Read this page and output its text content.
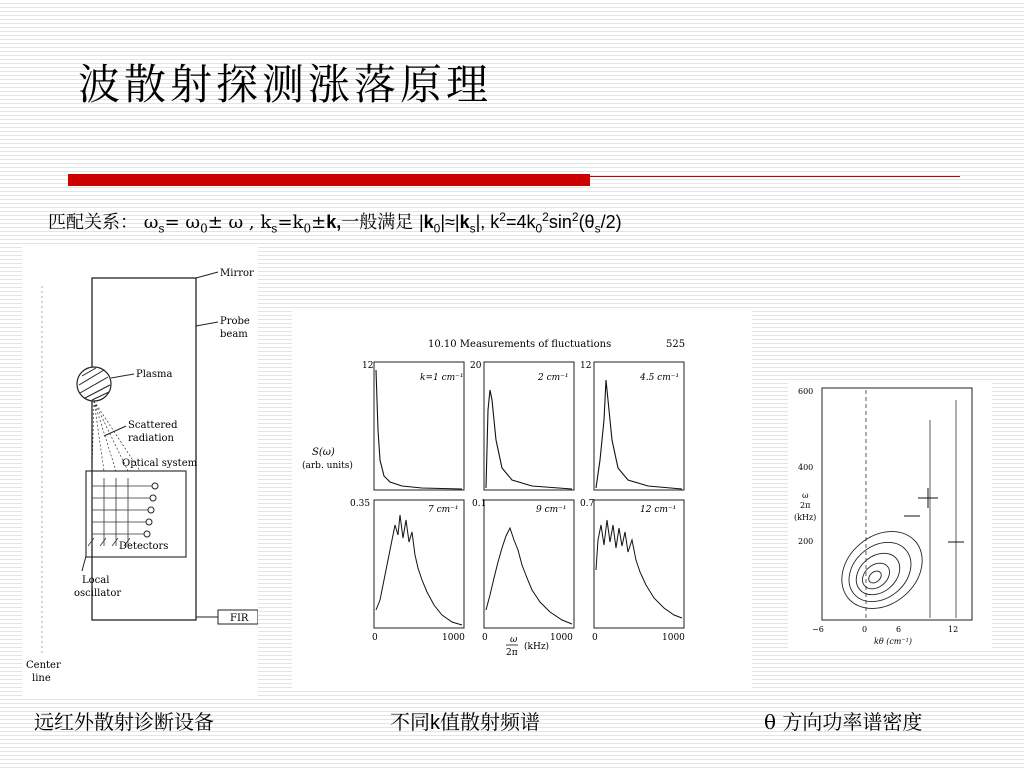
波散射探测涨落原理
匹配关系： $\omega_s= \omega_0\pm \omega$ , $k_s=k_0\pm k$,一般满足 $|k_0|\approx|k_s|$, $k^2=4k_0^2\sin^2(\theta_s/2)$
Mirror
Probe
beam
Plasma
Scattered
radiation
Optical system
Detectors
Local
oscillator
FIR
Center
line
10.10 Measurements of fluctuations	525
S(ω)
(arb. units)
12
k=1 cm⁻¹
20
2 cm⁻¹
12
4.5 cm⁻¹
0.35
7 cm⁻¹
0	1000
0.1
9 cm⁻¹
0	1000
0.7
12 cm⁻¹
0	1000
ω
2π
(kHz)
600
400
200
ω
2π
(kHz)
−6	0	6	12
kθ (cm⁻¹)
远红外散射诊断设备	不同k值散射频谱	θ 方向功率谱密度
